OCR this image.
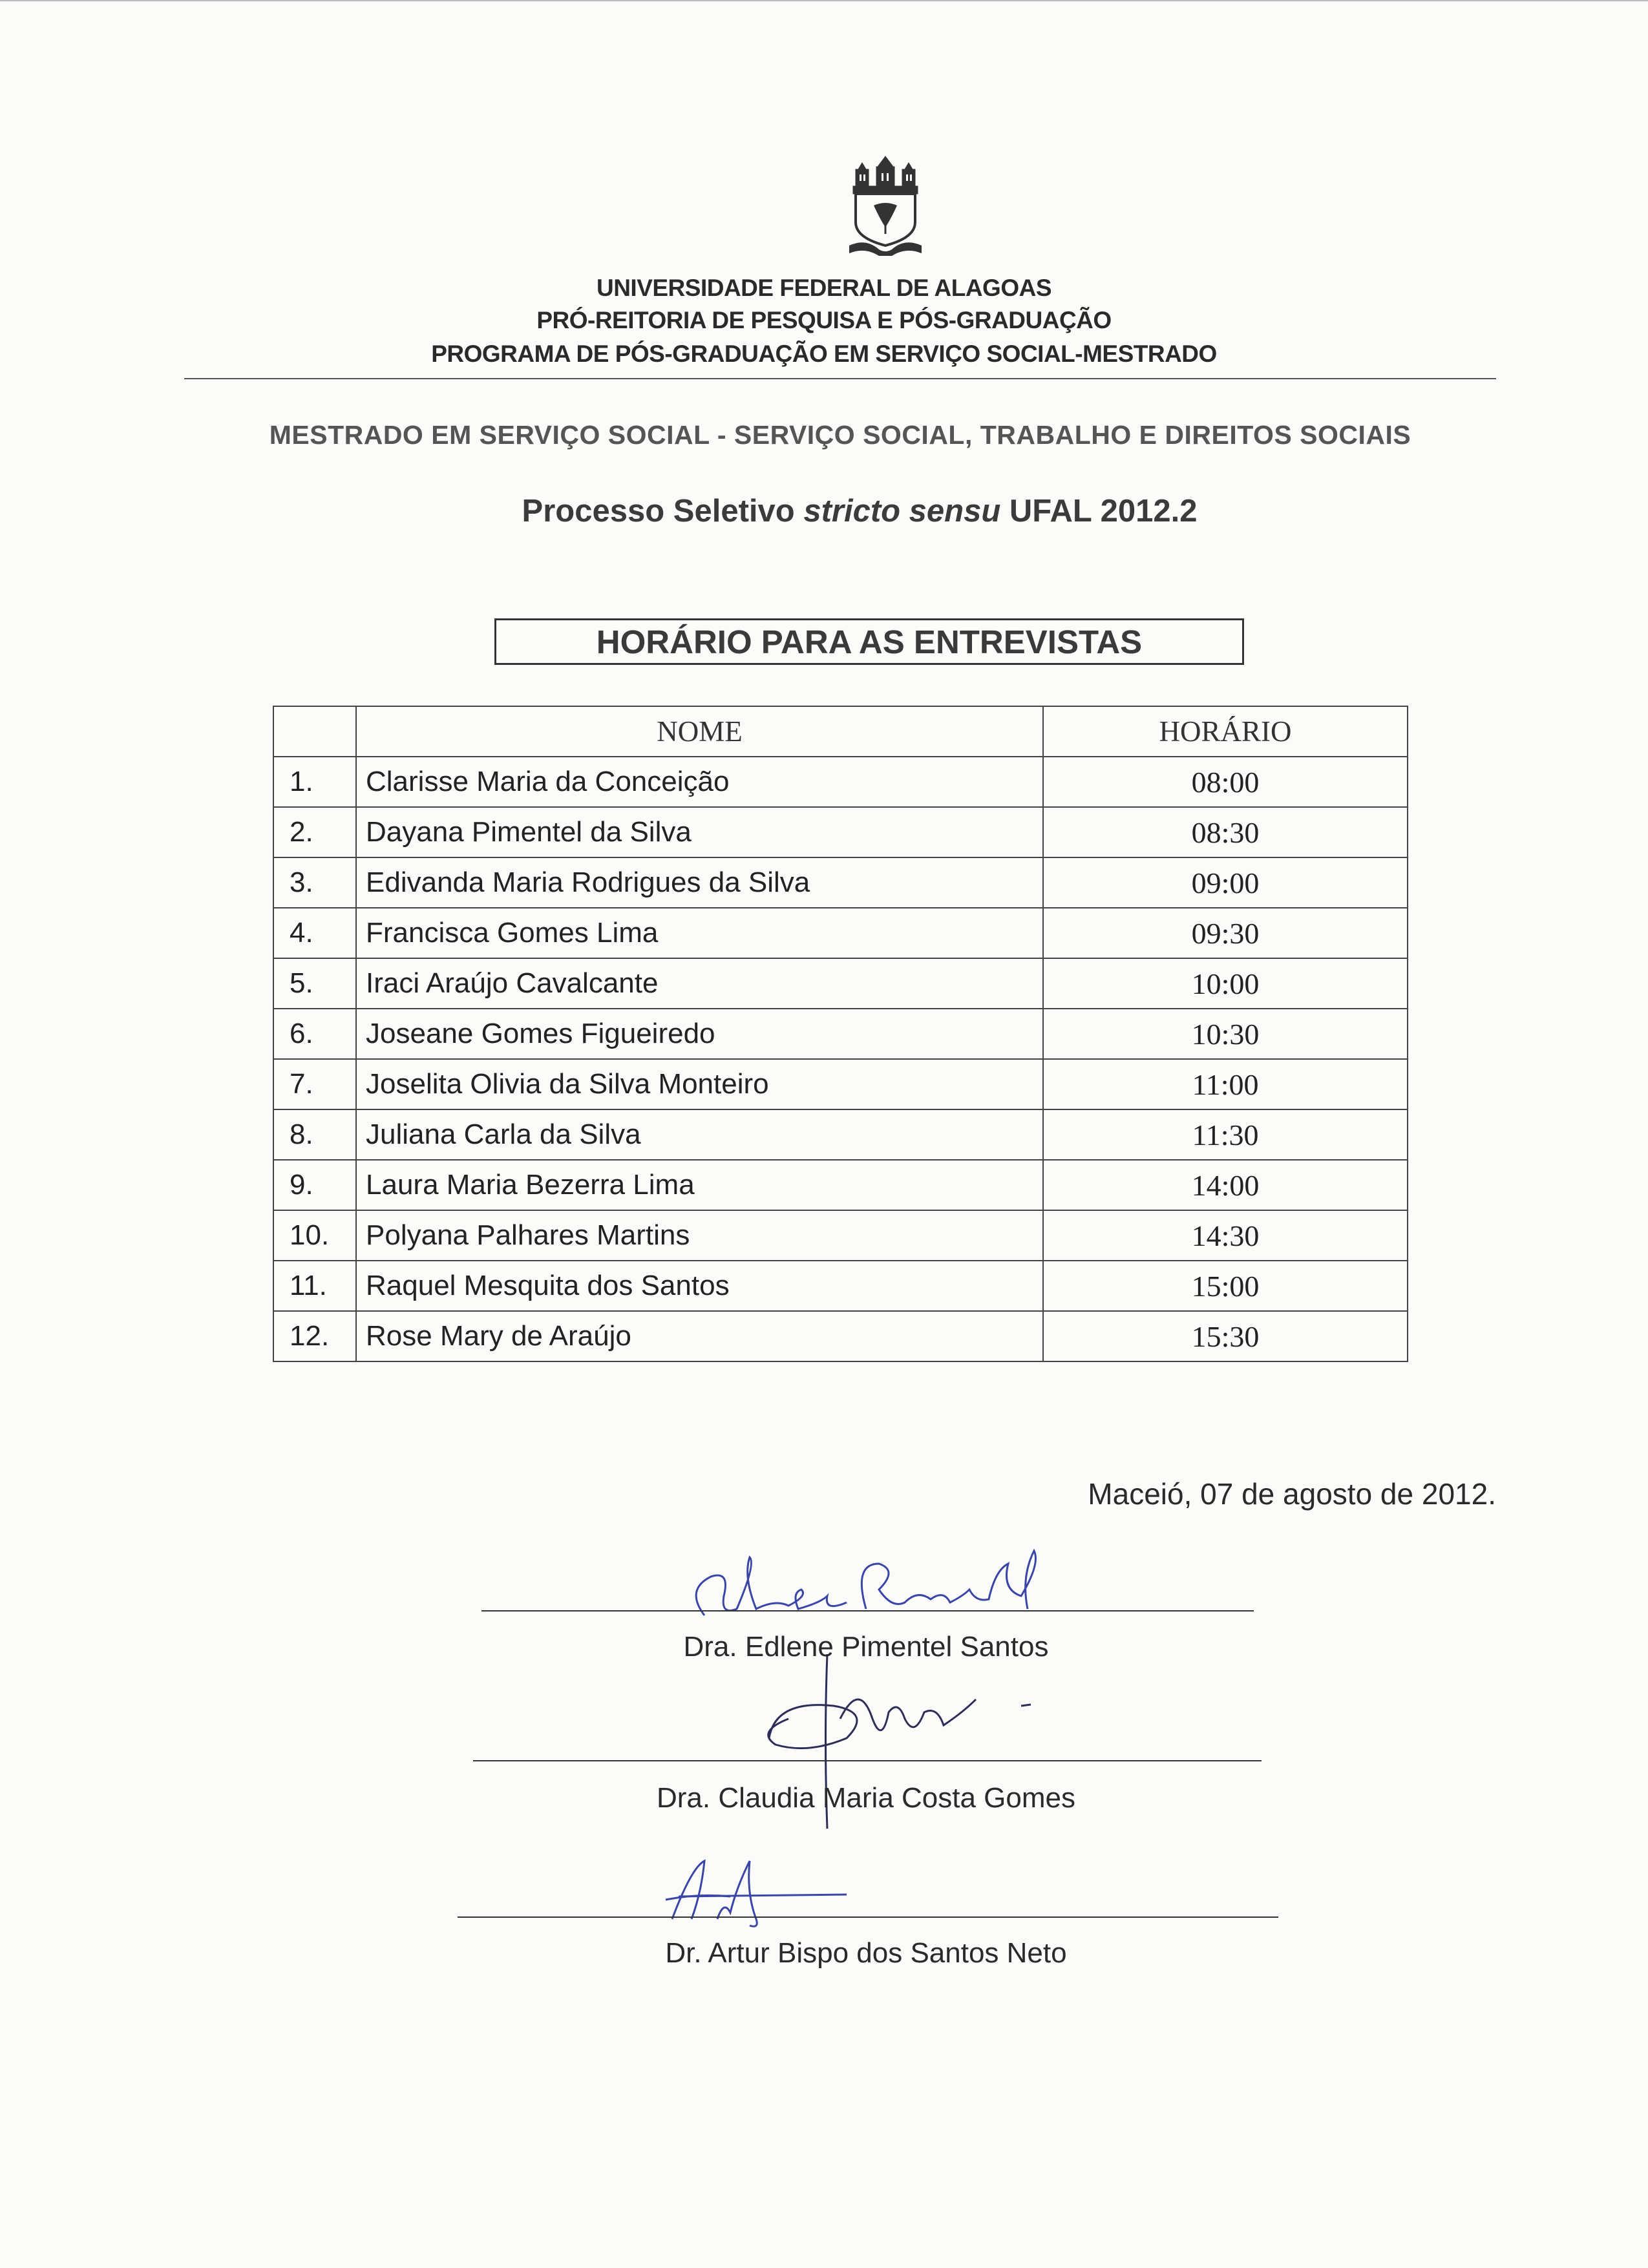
UNIVERSIDADE FEDERAL DE ALAGOAS
PRÓ-REITORIA DE PESQUISA E PÓS-GRADUAÇÃO
PROGRAMA DE PÓS-GRADUAÇÃO EM SERVIÇO SOCIAL-MESTRADO
MESTRADO EM SERVIÇO SOCIAL - SERVIÇO SOCIAL, TRABALHO E DIREITOS SOCIAIS
Processo Seletivo stricto sensu UFAL 2012.2
HORÁRIO PARA AS ENTREVISTAS
	NOME	HORÁRIO
1.	Clarisse Maria da Conceição	08:00
2.	Dayana Pimentel da Silva	08:30
3.	Edivanda Maria Rodrigues da Silva	09:00
4.	Francisca Gomes Lima	09:30
5.	Iraci Araújo Cavalcante	10:00
6.	Joseane Gomes Figueiredo	10:30
7.	Joselita Olivia da Silva Monteiro	11:00
8.	Juliana Carla da Silva	11:30
9.	Laura Maria Bezerra Lima	14:00
10.	Polyana Palhares Martins	14:30
11.	Raquel Mesquita dos Santos	15:00
12.	Rose Mary de Araújo	15:30
Maceió, 07 de agosto de 2012.
Dra. Edlene Pimentel Santos
Dra. Claudia Maria Costa Gomes
Dr. Artur Bispo dos Santos Neto
